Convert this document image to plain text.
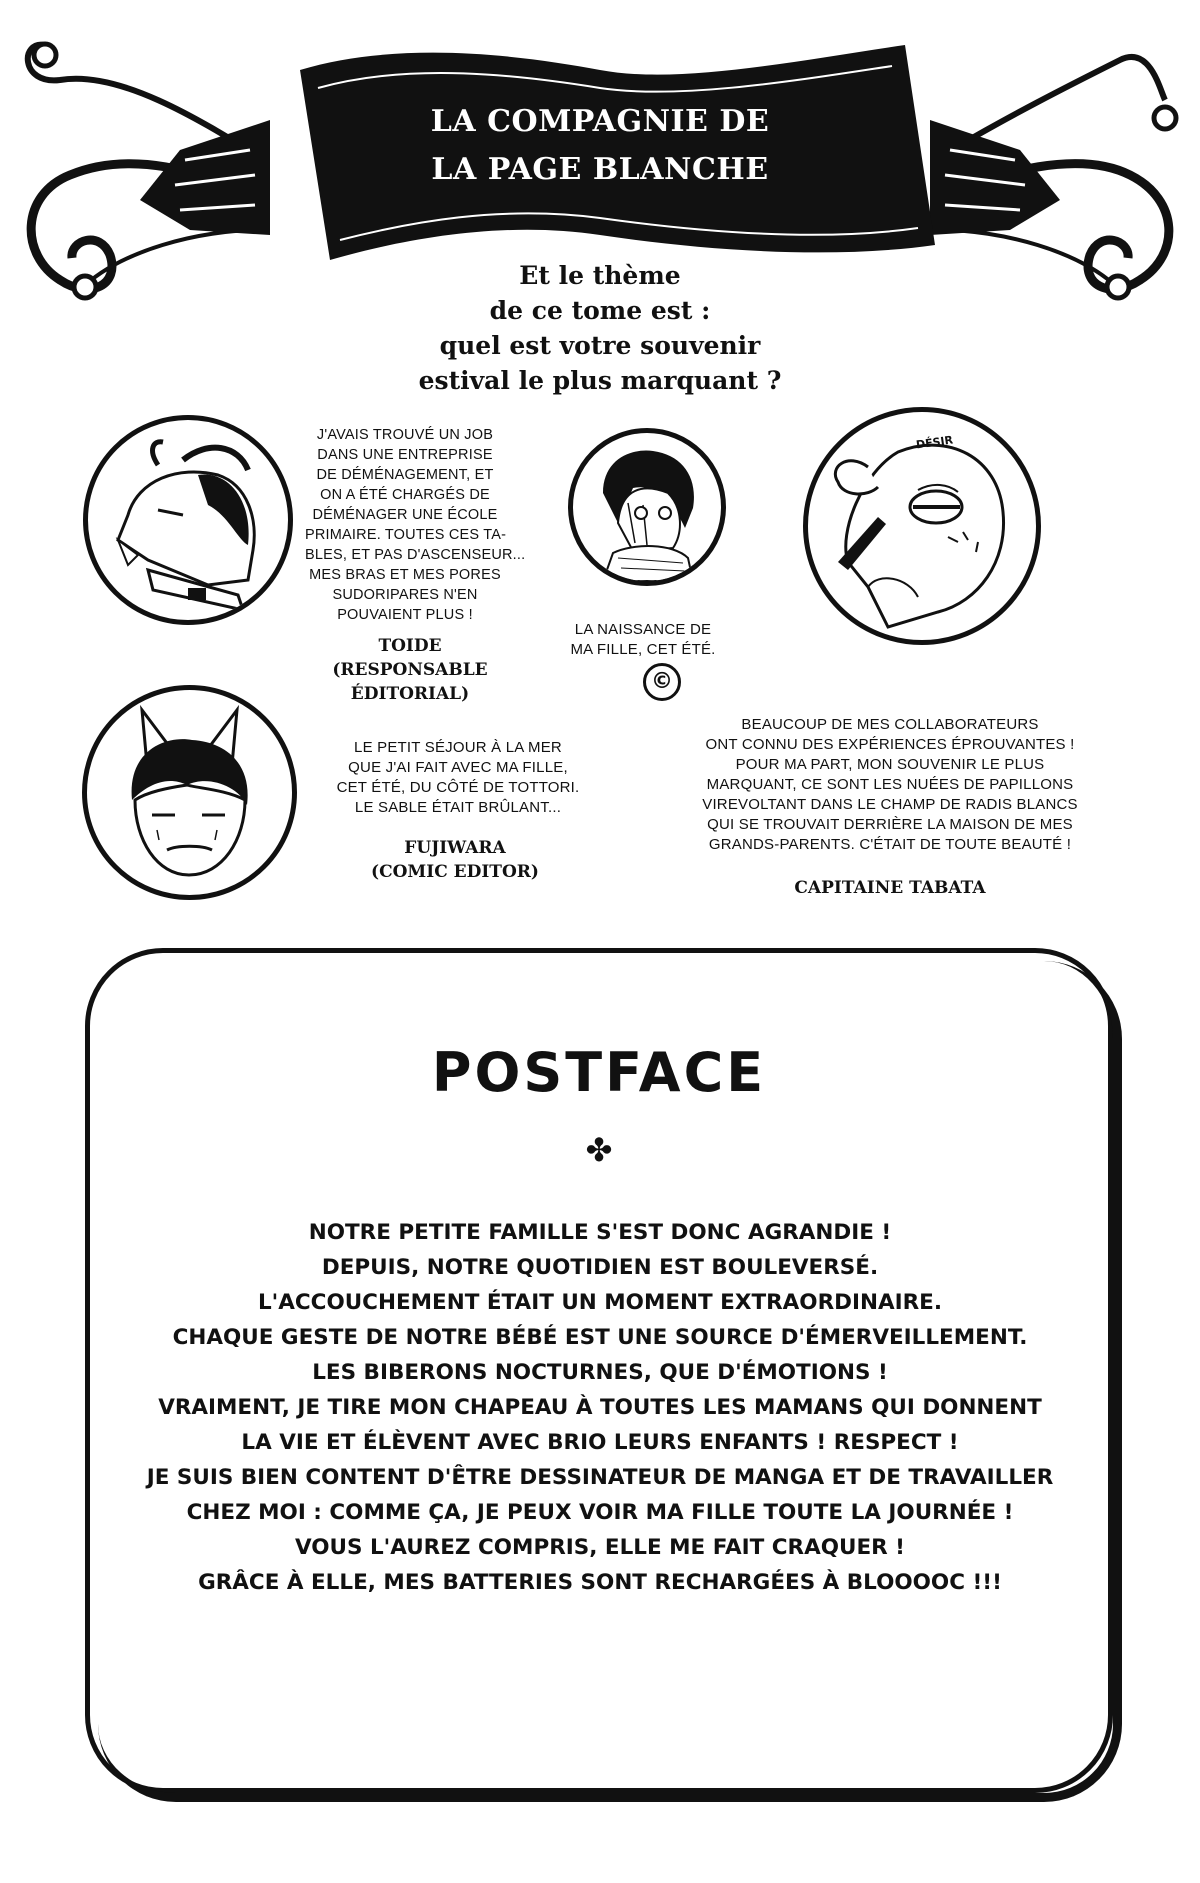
LA COMPAGNIE DE
LA PAGE BLANCHE
Et le thème
de ce tome est :
quel est votre souvenir
estival le plus marquant ?
J'AVAIS TROUVÉ UN JOB
DANS UNE ENTREPRISE
DE DÉMÉNAGEMENT, ET
ON A ÉTÉ CHARGÉS DE
DÉMÉNAGER UNE ÉCOLE
PRIMAIRE. TOUTES CES TA-
BLES, ET PAS D'ASCENSEUR...
MES BRAS ET MES PORES
SUDORIPARES N'EN
POUVAIENT PLUS !
TOIDE
(RESPONSABLE
ÉDITORIAL)
LA NAISSANCE DE
MA FILLE, CET ÉTÉ.
©
DÉSIR
BEAUCOUP DE MES COLLABORATEURS
ONT CONNU DES EXPÉRIENCES ÉPROUVANTES !
POUR MA PART, MON SOUVENIR LE PLUS
MARQUANT, CE SONT LES NUÉES DE PAPILLONS
VIREVOLTANT DANS LE CHAMP DE RADIS BLANCS
QUI SE TROUVAIT DERRIÈRE LA MAISON DE MES
GRANDS-PARENTS. C'ÉTAIT DE TOUTE BEAUTÉ !
CAPITAINE TABATA
LE PETIT SÉJOUR À LA MER
QUE J'AI FAIT AVEC MA FILLE,
CET ÉTÉ, DU CÔTÉ DE TOTTORI.
LE SABLE ÉTAIT BRÛLANT...
FUJIWARA
(COMIC EDITOR)
POSTFACE
✤
NOTRE PETITE FAMILLE S'EST DONC AGRANDIE !
DEPUIS, NOTRE QUOTIDIEN EST BOULEVERSÉ.
L'ACCOUCHEMENT ÉTAIT UN MOMENT EXTRAORDINAIRE.
CHAQUE GESTE DE NOTRE BÉBÉ EST UNE SOURCE D'ÉMERVEILLEMENT.
LES BIBERONS NOCTURNES, QUE D'ÉMOTIONS !
VRAIMENT, JE TIRE MON CHAPEAU À TOUTES LES MAMANS QUI DONNENT
LA VIE ET ÉLÈVENT AVEC BRIO LEURS ENFANTS ! RESPECT !
JE SUIS BIEN CONTENT D'ÊTRE DESSINATEUR DE MANGA ET DE TRAVAILLER
CHEZ MOI : COMME ÇA, JE PEUX VOIR MA FILLE TOUTE LA JOURNÉE !
VOUS L'AUREZ COMPRIS, ELLE ME FAIT CRAQUER !
GRÂCE À ELLE, MES BATTERIES SONT RECHARGÉES À BLOOOOC !!!
